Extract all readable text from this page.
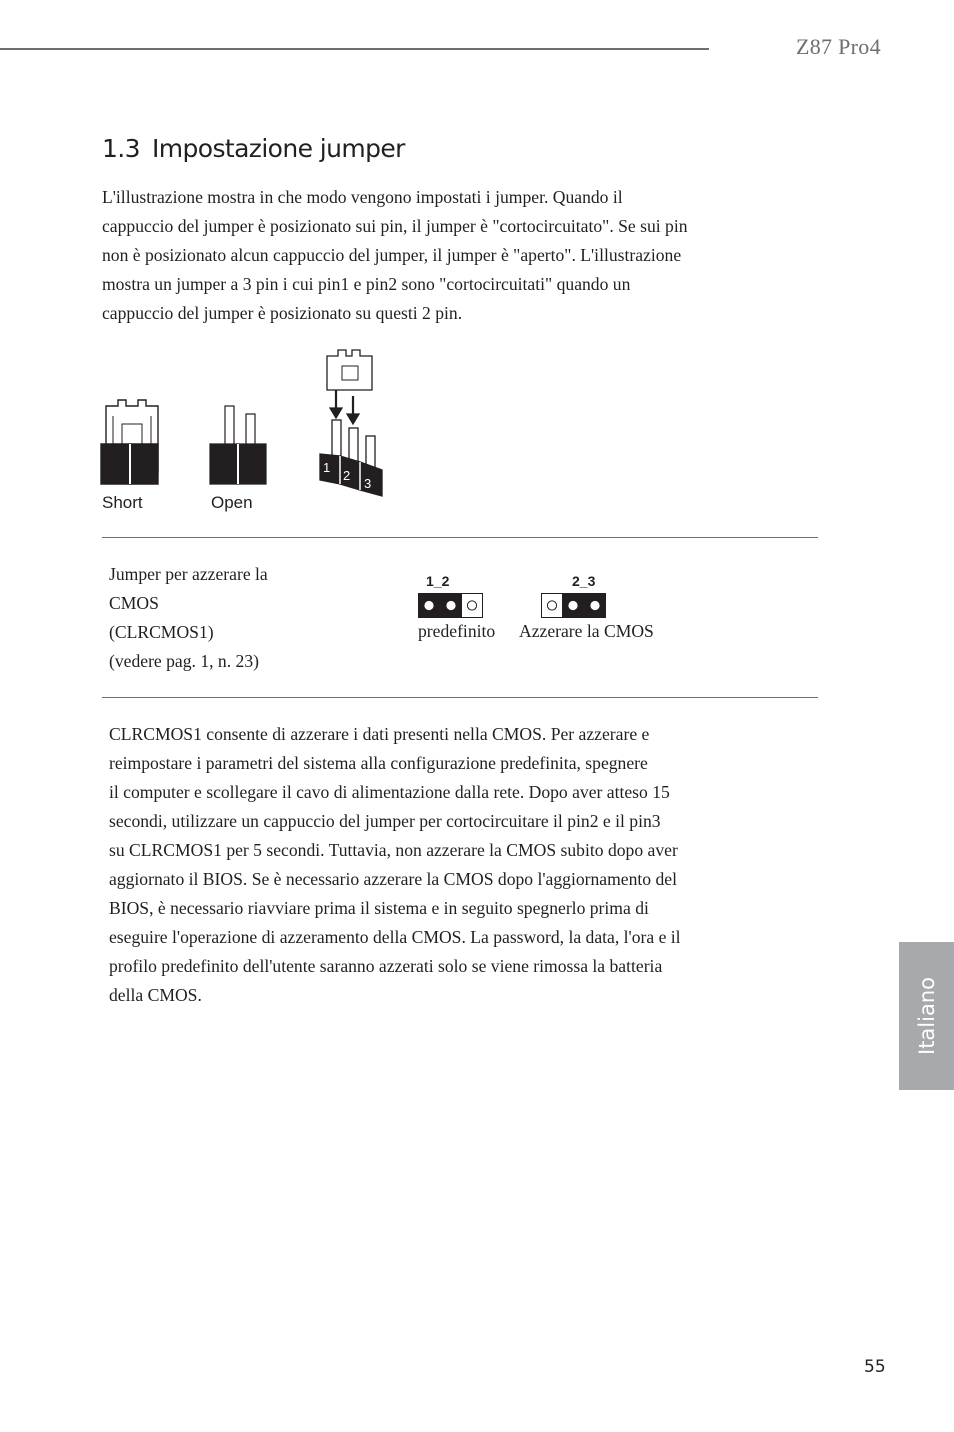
Z87 Pro4
1.3 Impostazione jumper
L'illustrazione mostra in che modo vengono impostati i jumper. Quando il
cappuccio del jumper è posizionato sui pin, il jumper è "cortocircuitato". Se sui pin
non è posizionato alcun cappuccio del jumper, il jumper è "aperto". L'illustrazione
mostra un jumper a 3 pin i cui pin1 e pin2 sono "cortocircuitati" quando un
cappuccio del jumper è posizionato su questi 2 pin.
Short	Open
1
2
3
Jumper per azzerare la
CMOS
(CLRCMOS1)
(vedere pag. 1, n. 23)
1_2
predefinito
2_3
Azzerare la CMOS
CLRCMOS1 consente di azzerare i dati presenti nella CMOS. Per azzerare e
reimpostare i parametri del sistema alla configurazione predefinita, spegnere
il computer e scollegare il cavo di alimentazione dalla rete. Dopo aver atteso 15
secondi, utilizzare un cappuccio del jumper per cortocircuitare il pin2 e il pin3
su CLRCMOS1 per 5 secondi. Tuttavia, non azzerare la CMOS subito dopo aver
aggiornato il BIOS. Se è necessario azzerare la CMOS dopo l'aggiornamento del
BIOS, è necessario riavviare prima il sistema e in seguito spegnerlo prima di
eseguire l'operazione di azzeramento della CMOS. La password, la data, l'ora e il
profilo predefinito dell'utente saranno azzerati solo se viene rimossa la batteria
della CMOS.	Italiano
55
